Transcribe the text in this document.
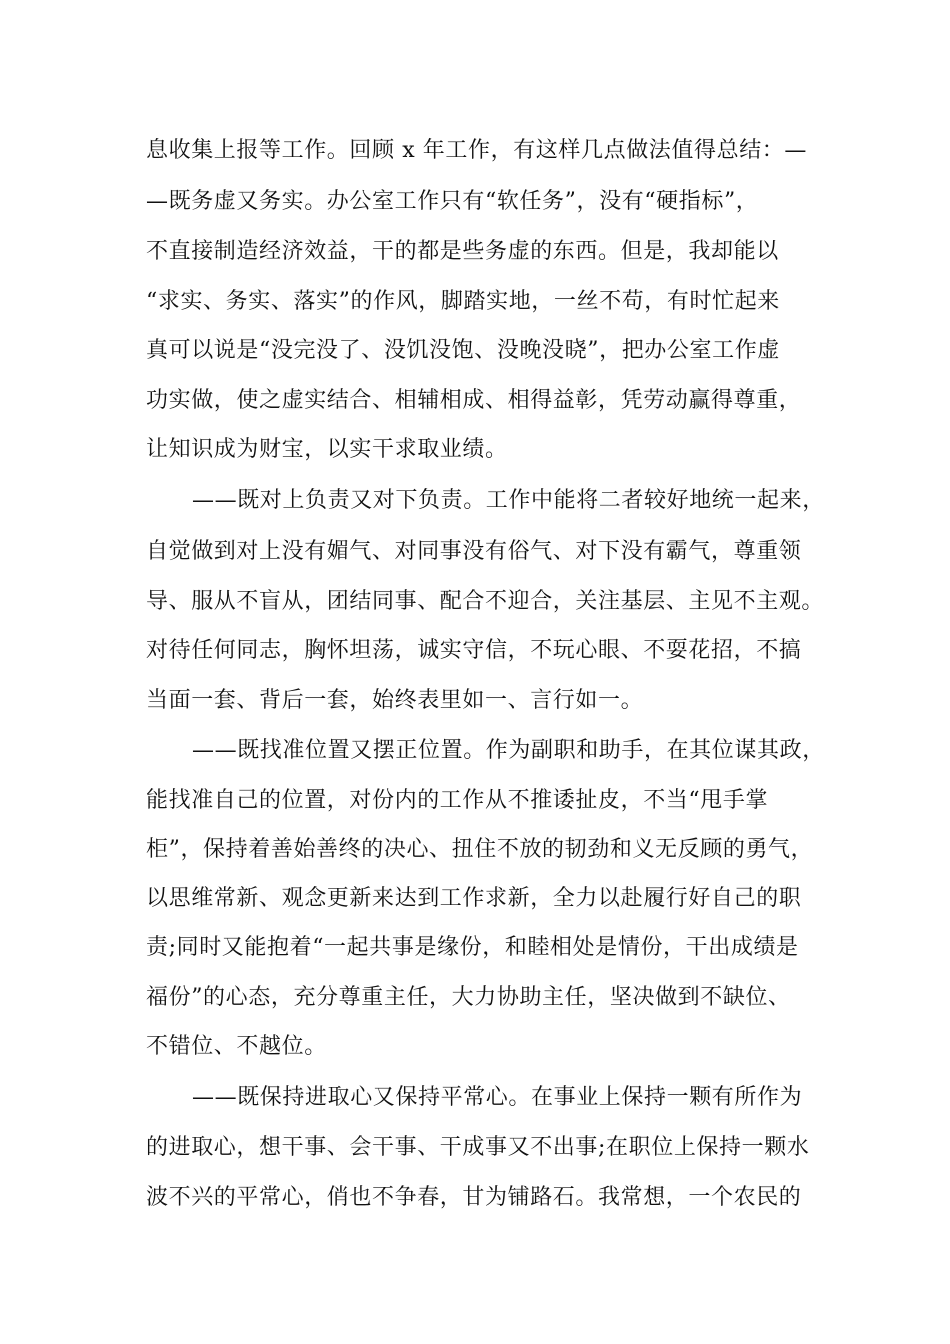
息收集上报等工作。回顾 x 年工作，有这样几点做法值得总结：—
—既务虚又务实。办公室工作只有“软任务”，没有“硬指标”，
不直接制造经济效益，干的都是些务虚的东西。但是，我却能以
“求实、务实、落实”的作风，脚踏实地，一丝不苟，有时忙起来
真可以说是“没完没了、没饥没饱、没晚没晓”，把办公室工作虚
功实做，使之虚实结合、相辅相成、相得益彰，凭劳动赢得尊重，
让知识成为财宝，以实干求取业绩。
——既对上负责又对下负责。工作中能将二者较好地统一起来，
自觉做到对上没有媚气、对同事没有俗气、对下没有霸气，尊重领
导、服从不盲从，团结同事、配合不迎合，关注基层、主见不主观。
对待任何同志，胸怀坦荡，诚实守信，不玩心眼、不耍花招，不搞
当面一套、背后一套，始终表里如一、言行如一。
——既找准位置又摆正位置。作为副职和助手，在其位谋其政，
能找准自己的位置，对份内的工作从不推诿扯皮，不当“甩手掌
柜”，保持着善始善终的决心、扭住不放的韧劲和义无反顾的勇气，
以思维常新、观念更新来达到工作求新，全力以赴履行好自己的职
责;同时又能抱着“一起共事是缘份，和睦相处是情份，干出成绩是
福份”的心态，充分尊重主任，大力协助主任，坚决做到不缺位、
不错位、不越位。
——既保持进取心又保持平常心。在事业上保持一颗有所作为
的进取心，想干事、会干事、干成事又不出事;在职位上保持一颗水
波不兴的平常心，俏也不争春，甘为铺路石。我常想，一个农民的
